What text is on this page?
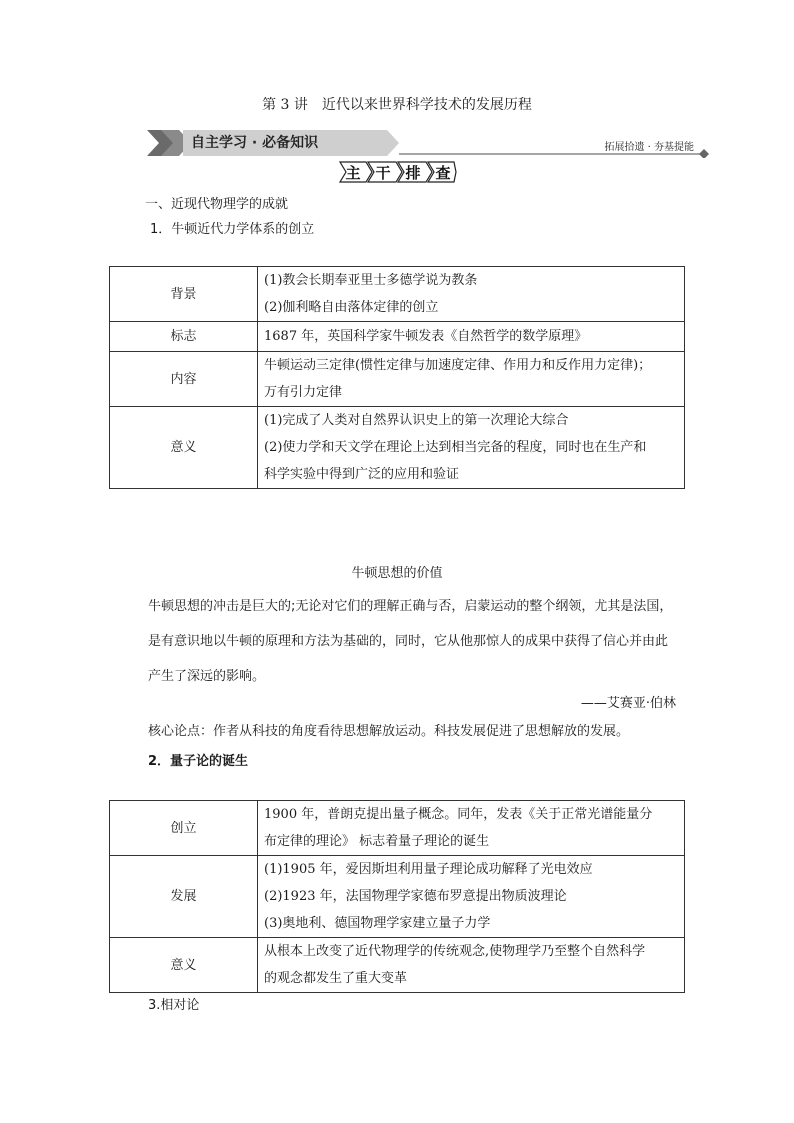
第 3 讲　近代以来世界科学技术的发展历程
自主学习 · 必备知识	拓展拾遗 · 夯基提能
主 干 排 查
一、近现代物理学的成就
1．牛顿近代力学体系的创立
背景	(1)教会长期奉亚里士多德学说为教条
(2)伽利略自由落体定律的创立

标志	1687 年，英国科学家牛顿发表《自然哲学的数学原理》

内容	牛顿运动三定律(惯性定律与加速度定律、作用力和反作用力定律)；
万有引力定律

意义	(1)完成了人类对自然界认识史上的第一次理论大综合
(2)使力学和天文学在理论上达到相当完备的程度，同时也在生产和
科学实验中得到广泛的应用和验证
牛顿思想的价值
牛顿思想的冲击是巨大的;无论对它们的理解正确与否，启蒙运动的整个纲领，尤其是法国，是有意识地以牛顿的原理和方法为基础的，同时，它从他那惊人的成果中获得了信心并由此产生了深远的影响。
——艾赛亚·伯林
核心论点：作者从科技的角度看待思想解放运动。科技发展促进了思想解放的发展。
2．量子论的诞生
创立	1900 年，普朗克提出量子概念。同年，发表《关于正常光谱能量分
布定律的理论》 标志着量子理论的诞生

发展	(1)1905 年，爱因斯坦利用量子理论成功解释了光电效应
(2)1923 年，法国物理学家德布罗意提出物质波理论
(3)奥地利、德国物理学家建立量子力学

意义	从根本上改变了近代物理学的传统观念,使物理学乃至整个自然科学
的观念都发生了重大变革
3.相对论
